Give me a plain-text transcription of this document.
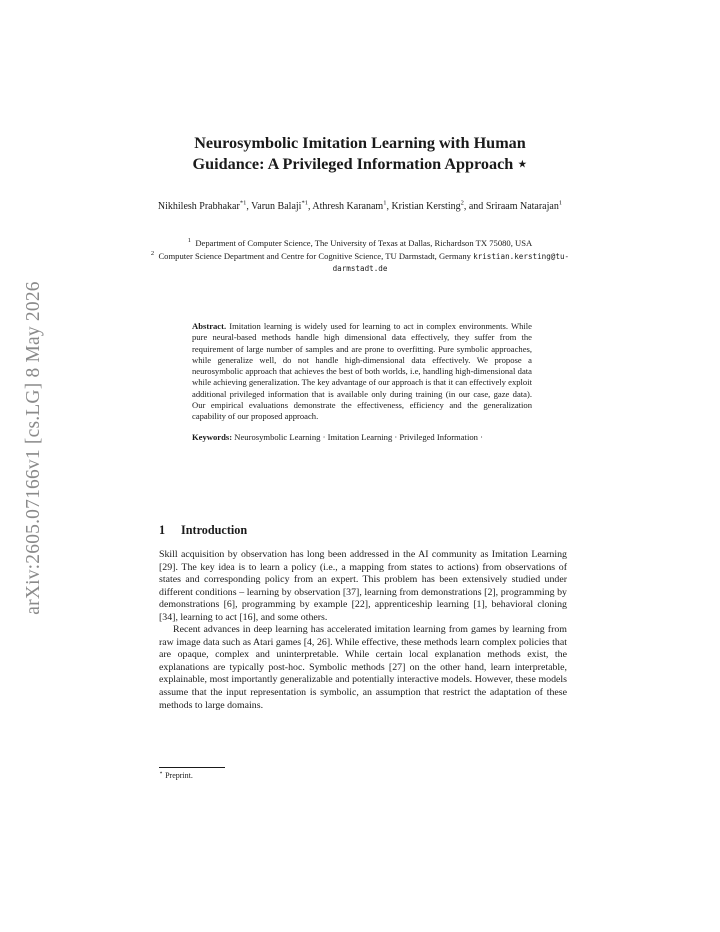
arXiv:2605.07166v1 [cs.LG] 8 May 2026
Neurosymbolic Imitation Learning with Human
Guidance: A Privileged Information Approach ⋆
Nikhilesh Prabhakar$^{*1}$, Varun Balaji$^{*1}$, Athresh Karanam$^1$, Kristian Kersting$^2$, and Sriraam Natarajan$^1$

$^1$ Department of Computer Science, The University of Texas at Dallas, Richardson TX 75080, USA

$^2$ Computer Science Department and Centre for Cognitive Science, TU Darmstadt, Germany kristian.kersting@tu-darmstadt.de

Abstract. Imitation learning is widely used for learning to act in complex environments. While pure neural-based methods handle high dimensional data effectively, they suffer from the requirement of large number of samples and are prone to overfitting. Pure symbolic approaches, while generalize well, do not handle high-dimensional data effectively. We propose a neurosymbolic approach that achieves the best of both worlds, i.e, handling high-dimensional data while achieving generalization. The key advantage of our approach is that it can effectively exploit additional privileged information that is available only during training (in our case, gaze data). Our empirical evaluations demonstrate the effectiveness, efficiency and the generalization capability of our proposed approach.

Keywords: Neurosymbolic Learning · Imitation Learning · Privileged Information ·

1 Introduction

Skill acquisition by observation has long been addressed in the AI community as Imitation Learning [29]. The key idea is to learn a policy (i.e., a mapping from states to actions) from observations of states and corresponding policy from an expert. This problem has been extensively studied under different conditions – learning by observation [37], learning from demonstrations [2], programming by demonstrations [6], programming by example [22], apprenticeship learning [1], behavioral cloning [34], learning to act [16], and some others.

Recent advances in deep learning has accelerated imitation learning from games by learning from raw image data such as Atari games [4, 26]. While effective, these methods learn complex policies that are opaque, complex and uninterpretable. While certain local explanation methods exist, the explanations are typically post-hoc. Symbolic methods [27] on the other hand, learn interpretable, explainable, most importantly generalizable and potentially interactive models. However, these models assume that the input representation is symbolic, an assumption that restrict the adaptation of these methods to large domains.

⋆ Preprint.
